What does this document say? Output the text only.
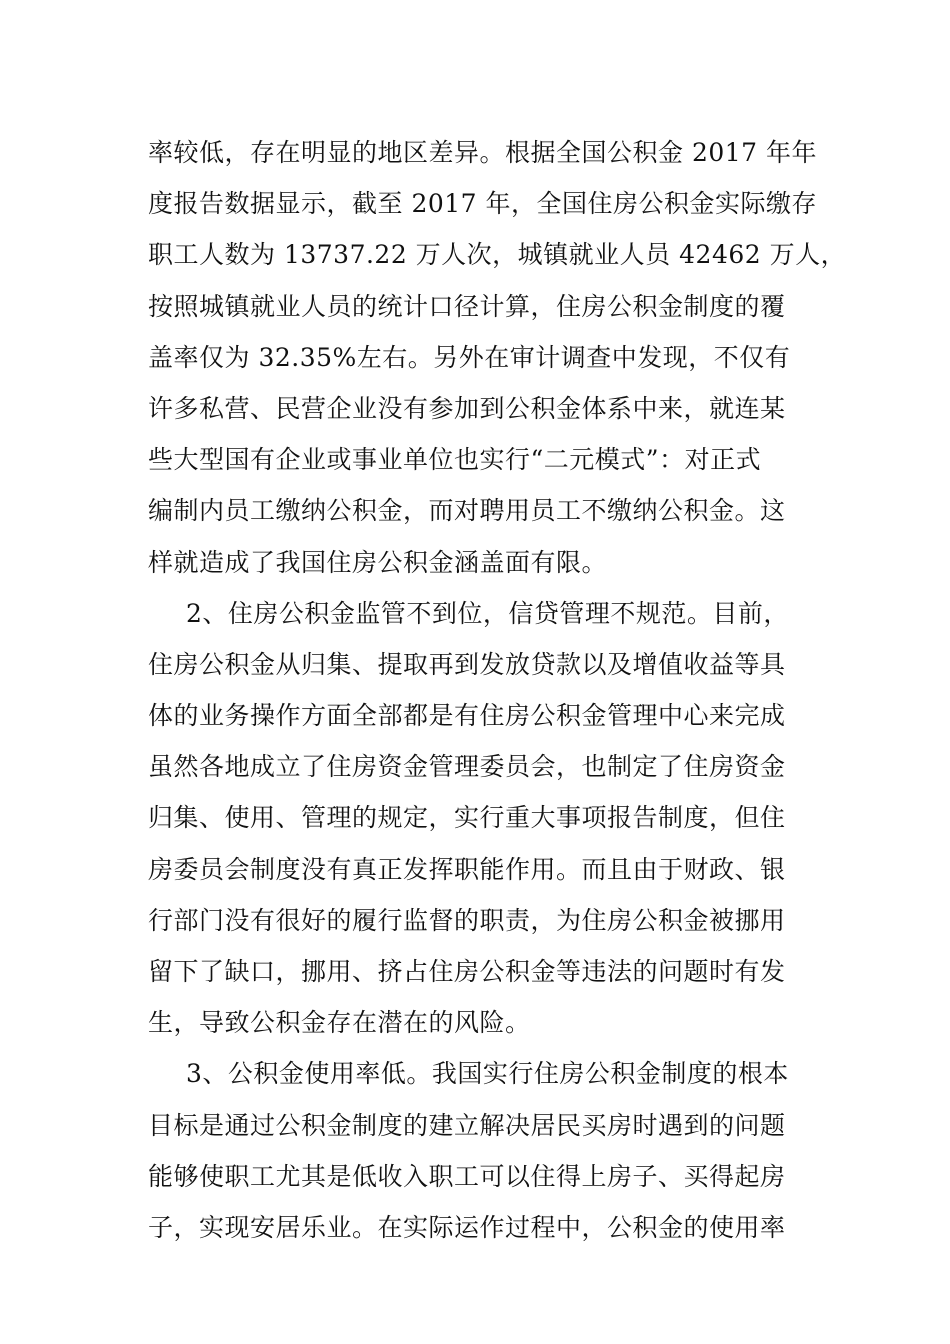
率较低，存在明显的地区差异。根据全国公积金 2017 年年
度报告数据显示，截至 2017 年，全国住房公积金实际缴存
职工人数为 13737.22 万人次，城镇就业人员 42462 万人，
按照城镇就业人员的统计口径计算，住房公积金制度的覆
盖率仅为 32.35%左右。另外在审计调查中发现，不仅有
许多私营、民营企业没有参加到公积金体系中来，就连某
些大型国有企业或事业单位也实行“二元模式”：对正式
编制内员工缴纳公积金，而对聘用员工不缴纳公积金。这
样就造成了我国住房公积金涵盖面有限。
2、住房公积金监管不到位，信贷管理不规范。目前，
住房公积金从归集、提取再到发放贷款以及增值收益等具
体的业务操作方面全部都是有住房公积金管理中心来完成
虽然各地成立了住房资金管理委员会，也制定了住房资金
归集、使用、管理的规定，实行重大事项报告制度，但住
房委员会制度没有真正发挥职能作用。而且由于财政、银
行部门没有很好的履行监督的职责，为住房公积金被挪用
留下了缺口，挪用、挤占住房公积金等违法的问题时有发
生，导致公积金存在潜在的风险。
3、公积金使用率低。我国实行住房公积金制度的根本
目标是通过公积金制度的建立解决居民买房时遇到的问题
能够使职工尤其是低收入职工可以住得上房子、买得起房
子，实现安居乐业。在实际运作过程中，公积金的使用率
